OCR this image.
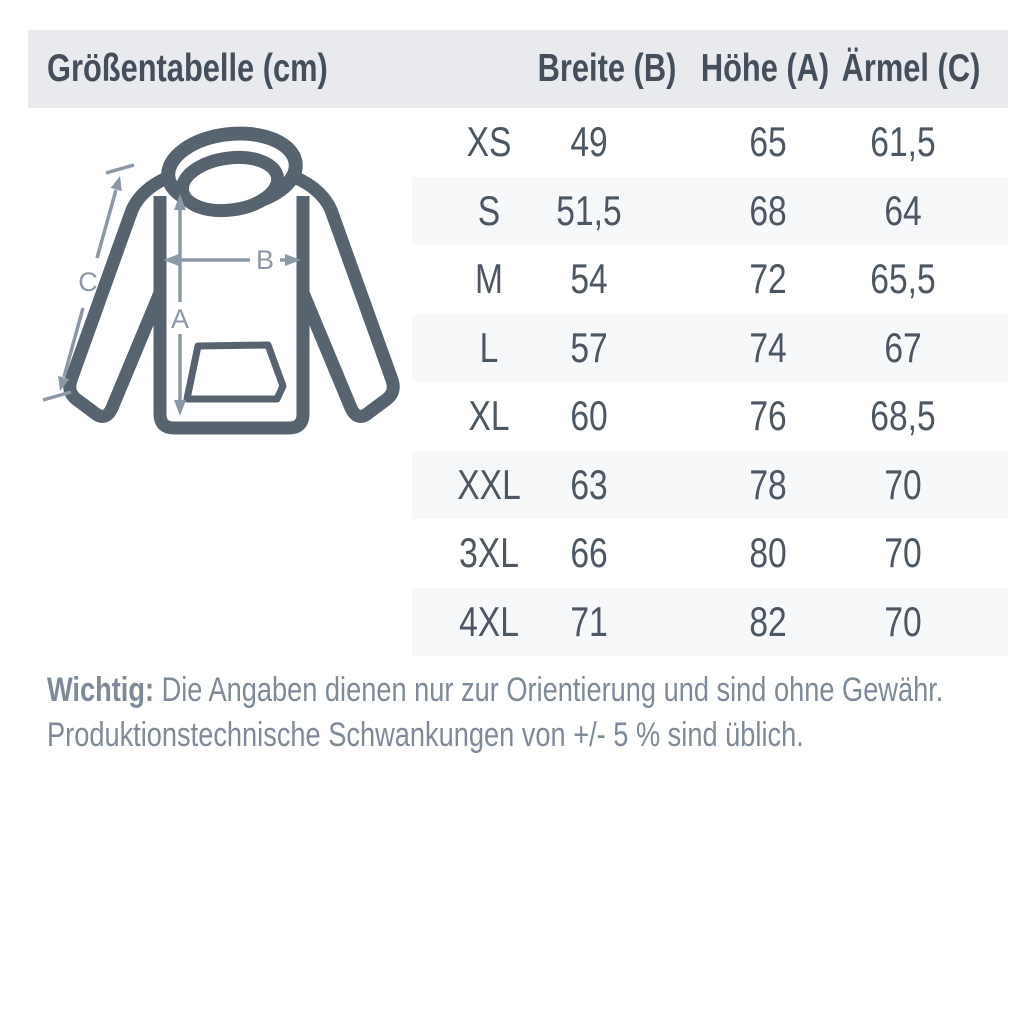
Größentabelle (cm)	Breite (B) Höhe (A) Ärmel (C)
A
B
C
XS 49	65 61,5
S 51,5	68 64
M 54	72 65,5
L 57	74 67
XL 60	76 68,5
XXL 63	78 70
3XL 66	80 70
4XL 71	82 70
Wichtig: Die Angaben dienen nur zur Orientierung und sind ohne Gewähr.
Produktionstechnische Schwankungen von +/- 5 % sind üblich.
